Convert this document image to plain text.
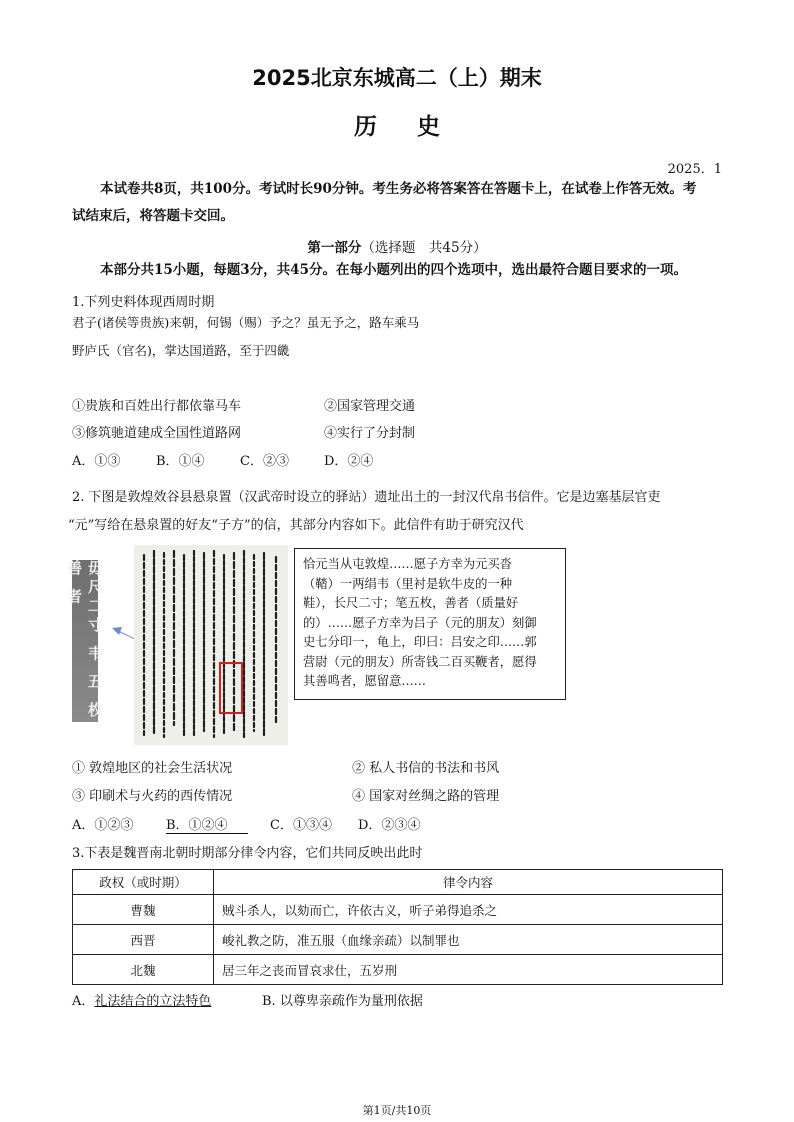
2025北京东城高二（上）期末
历史
2025．1
本试卷共8页，共100分。考试时长90分钟。考生务必将答案答在答题卡上，在试卷上作答无效。考
试结束后，将答题卡交回。
第一部分（选择题　共45分）
本部分共15小题，每题3分，共45分。在每小题列出的四个选项中，选出最符合题目要求的一项。
1.下列史料体现西周时期
君子(诸侯等贵族)来朝，何锡（赐）予之？虽无予之，路车乘马
野庐氏（官名)，掌达国道路，至于四畿
①贵族和百姓出行都依靠马车	②国家管理交通
③修筑驰道建成全国性道路网	④实行了分封制
A．①③	B．①④	C．②③	D．②④
2. 下图是敦煌效谷县悬泉置（汉武帝时设立的驿站）遗址出土的一封汉代帛书信件。它是边塞基层官吏
“元”写给在悬泉置的好友“子方”的信，其部分内容如下。此信件有助于研究汉代
毋尺二寸 韦 五 枚 善 者	恰元当从屯敦煌……愿子方幸为元买沓
（鞜）一两绢韦（里衬是软牛皮的一种
鞋），长尺二寸；笔五枚，善者（质量好
的）……愿子方幸为吕子（元的朋友）刻御
史七分印一，龟上，印曰：吕安之印……郭
营尉（元的朋友）所寄钱二百买鞭者，愿得
其善鸣者，愿留意……
① 敦煌地区的社会生活状况	② 私人书信的书法和书风
③ 印刷术与火药的西传情况	④ 国家对丝绸之路的管理
A．①②③	B．①②④	C．①③④ D．②③④
3.下表是魏晋南北朝时期部分律令内容，它们共同反映出此时
政权（或时期）	律令内容
曹魏	贼斗杀人，以劾而亡，许依古义，听子弟得追杀之
西晋	峻礼教之防，准五服（血缘亲疏）以制罪也
北魏	居三年之丧而冒哀求仕，五岁刑
A．礼法结合的立法特色	B. 以尊卑亲疏作为量刑依据
第1页/共10页
